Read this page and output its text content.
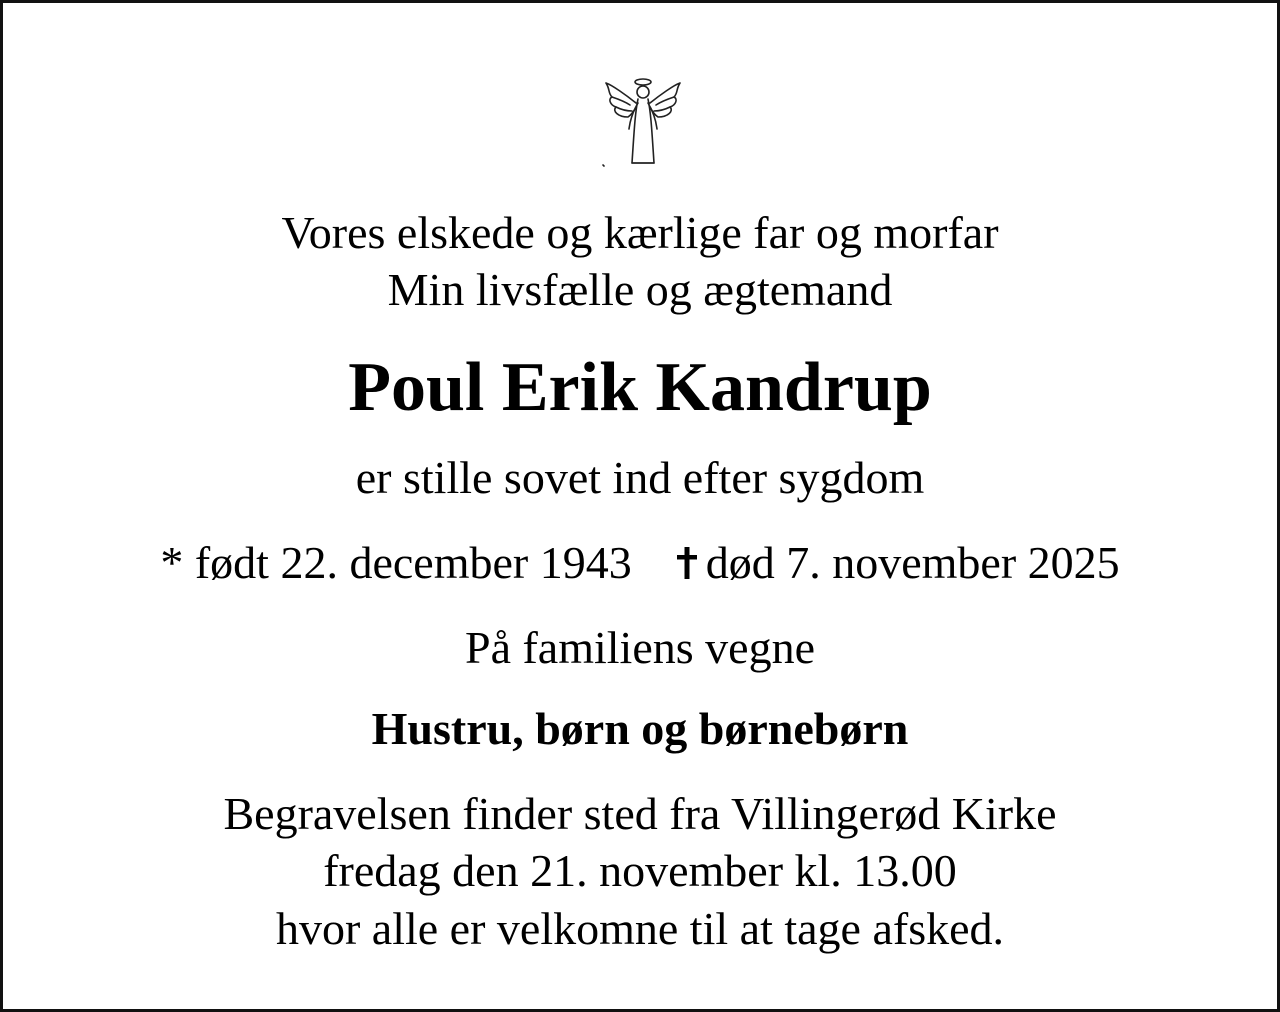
Vores elskede og kærlige far og morfar
Min livsfælle og ægtemand
Poul Erik Kandrup
er stille sovet ind efter sygdom
* født 22. december 1943 død 7. november 2025
På familiens vegne
Hustru, børn og børnebørn
Begravelsen finder sted fra Villingerød Kirke
fredag den 21. november kl. 13.00
hvor alle er velkomne til at tage afsked.
